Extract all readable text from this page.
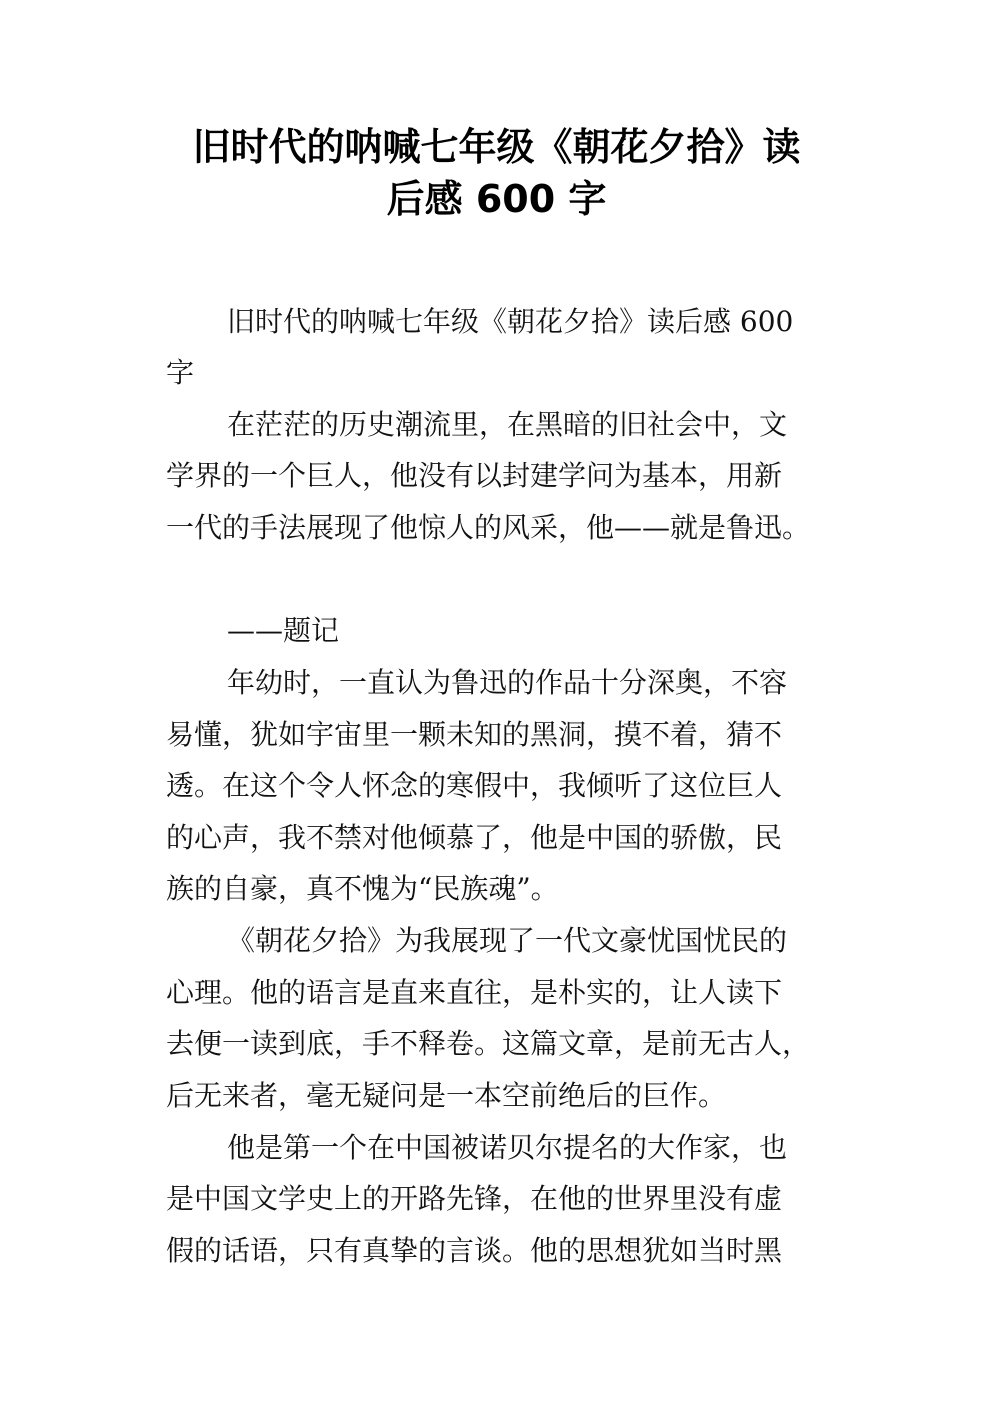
旧时代的呐喊七年级《朝花夕拾》读
后感 600 字
旧时代的呐喊七年级《朝花夕拾》读后感 600
字
在茫茫的历史潮流里，在黑暗的旧社会中，文
学界的一个巨人，他没有以封建学问为基本，用新
一代的手法展现了他惊人的风采，他——就是鲁迅。
——题记
年幼时，一直认为鲁迅的作品十分深奥，不容
易懂，犹如宇宙里一颗未知的黑洞，摸不着，猜不
透。在这个令人怀念的寒假中，我倾听了这位巨人
的心声，我不禁对他倾慕了，他是中国的骄傲，民
族的自豪，真不愧为“民族魂”。
《朝花夕拾》为我展现了一代文豪忧国忧民的
心理。他的语言是直来直往，是朴实的，让人读下
去便一读到底，手不释卷。这篇文章，是前无古人，
后无来者，毫无疑问是一本空前绝后的巨作。
他是第一个在中国被诺贝尔提名的大作家，也
是中国文学史上的开路先锋，在他的世界里没有虚
假的话语，只有真挚的言谈。他的思想犹如当时黑
